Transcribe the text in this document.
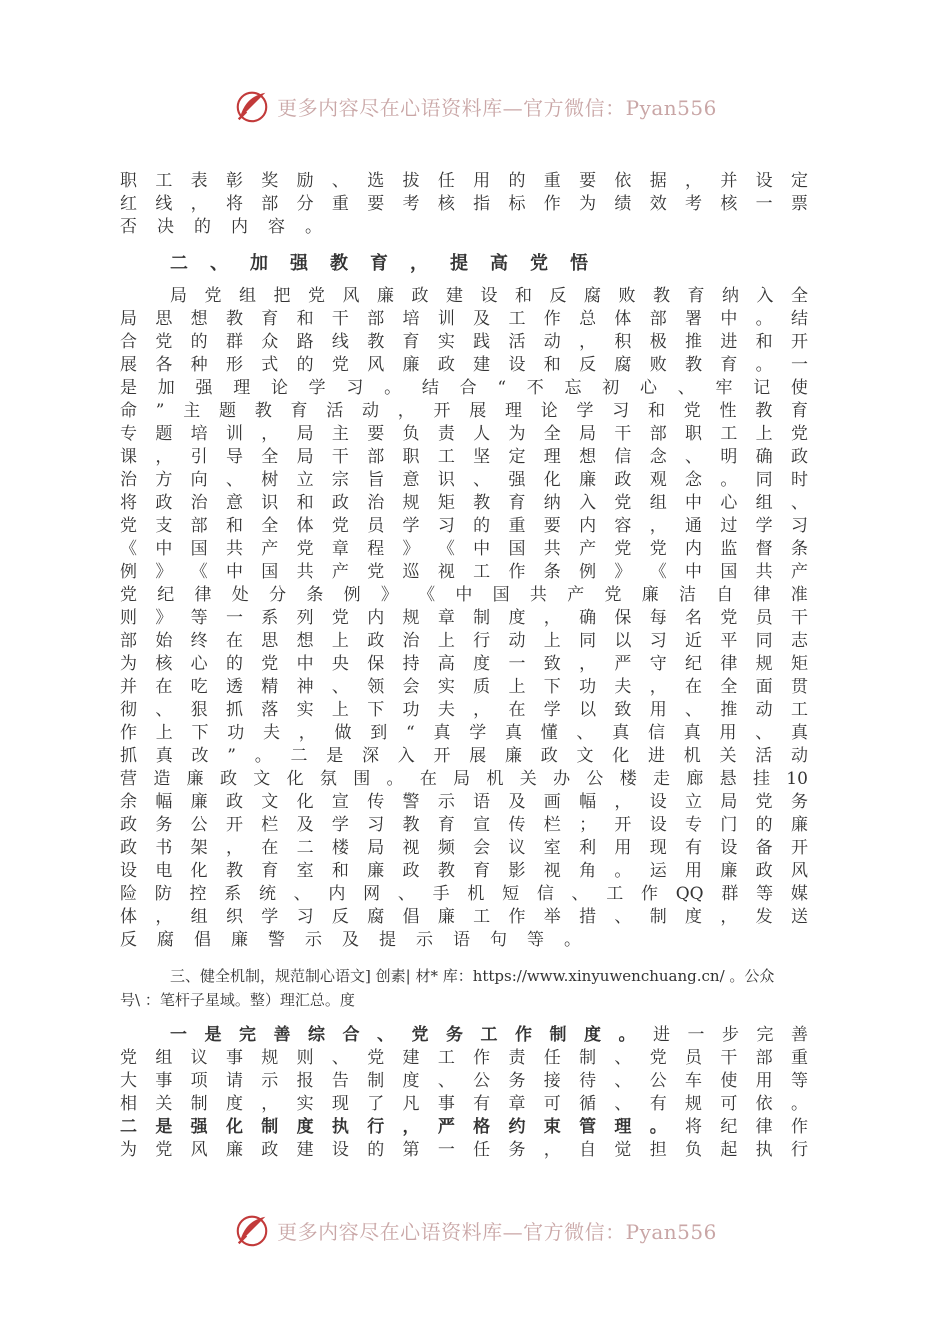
更多内容尽在心语资料库—官方微信：Pyan556
职 工 表 彰 奖 励 、 选 拔 任 用 的 重 要 依 据 ， 并 设 定
红 线 ， 将 部 分 重 要 考 核 指 标 作 为 绩 效 考 核 一 票
否 决 的 内 容 。
二 、 加 强 教 育 ， 提 高 党 悟
局 党 组 把 党 风 廉 政 建 设 和 反 腐 败 教 育 纳 入 全
局 思 想 教 育 和 干 部 培 训 及 工 作 总 体 部 署 中 。 结
合 党 的 群 众 路 线 教 育 实 践 活 动 ， 积 极 推 进 和 开
展 各 种 形 式 的 党 风 廉 政 建 设 和 反 腐 败 教 育 。 一
是 加 强 理 论 学 习 。 结 合 “ 不 忘 初 心 、 牢 记 使
命 ” 主 题 教 育 活 动 ， 开 展 理 论 学 习 和 党 性 教 育
专 题 培 训 ， 局 主 要 负 责 人 为 全 局 干 部 职 工 上 党
课 ， 引 导 全 局 干 部 职 工 坚 定 理 想 信 念 、 明 确 政
治 方 向 、 树 立 宗 旨 意 识 、 强 化 廉 政 观 念 。 同 时
将 政 治 意 识 和 政 治 规 矩 教 育 纳 入 党 组 中 心 组 、
党 支 部 和 全 体 党 员 学 习 的 重 要 内 容 ， 通 过 学 习
《 中 国 共 产 党 章 程 》 《 中 国 共 产 党 党 内 监 督 条
例 》 《 中 国 共 产 党 巡 视 工 作 条 例 》 《 中 国 共 产
党 纪 律 处 分 条 例 》 《 中 国 共 产 党 廉 洁 自 律 准
则 》 等 一 系 列 党 内 规 章 制 度 ， 确 保 每 名 党 员 干
部 始 终 在 思 想 上 政 治 上 行 动 上 同 以 习 近 平 同 志
为 核 心 的 党 中 央 保 持 高 度 一 致 ， 严 守 纪 律 规 矩
并 在 吃 透 精 神 、 领 会 实 质 上 下 功 夫 ， 在 全 面 贯
彻 、 狠 抓 落 实 上 下 功 夫 ， 在 学 以 致 用 、 推 动 工
作 上 下 功 夫 ， 做 到 “ 真 学 真 懂 、 真 信 真 用 、 真
抓 真 改 ” 。 二 是 深 入 开 展 廉 政 文 化 进 机 关 活 动
营 造 廉 政 文 化 氛 围 。 在 局 机 关 办 公 楼 走 廊 悬 挂 10
余 幅 廉 政 文 化 宣 传 警 示 语 及 画 幅 ， 设 立 局 党 务
政 务 公 开 栏 及 学 习 教 育 宣 传 栏 ； 开 设 专 门 的 廉
政 书 架 ， 在 二 楼 局 视 频 会 议 室 利 用 现 有 设 备 开
设 电 化 教 育 室 和 廉 政 教 育 影 视 角 。 运 用 廉 政 风
险 防 控 系 统 、 内 网 、 手 机 短 信 、 工 作 QQ 群 等 媒
体 ， 组 织 学 习 反 腐 倡 廉 工 作 举 措 、 制 度 ， 发 送
反 腐 倡 廉 警 示 及 提 示 语 句 等 。
三、健全机制，规范制心语文] 创素| 材* 库：https://www.xinyuwenchuang.cn/ 。公众
号\ ：笔杆子星域。整）理汇总。度
一 是 完 善 综 合 、 党 务 工 作 制 度 。 进 一 步 完 善
党 组 议 事 规 则 、 党 建 工 作 责 任 制 、 党 员 干 部 重
大 事 项 请 示 报 告 制 度 、 公 务 接 待 、 公 车 使 用 等
相 关 制 度 ， 实 现 了 凡 事 有 章 可 循 、 有 规 可 依 。
二 是 强 化 制 度 执 行 ， 严 格 约 束 管 理 。 将 纪 律 作
为 党 风 廉 政 建 设 的 第 一 任 务 ， 自 觉 担 负 起 执 行
更多内容尽在心语资料库—官方微信：Pyan556
